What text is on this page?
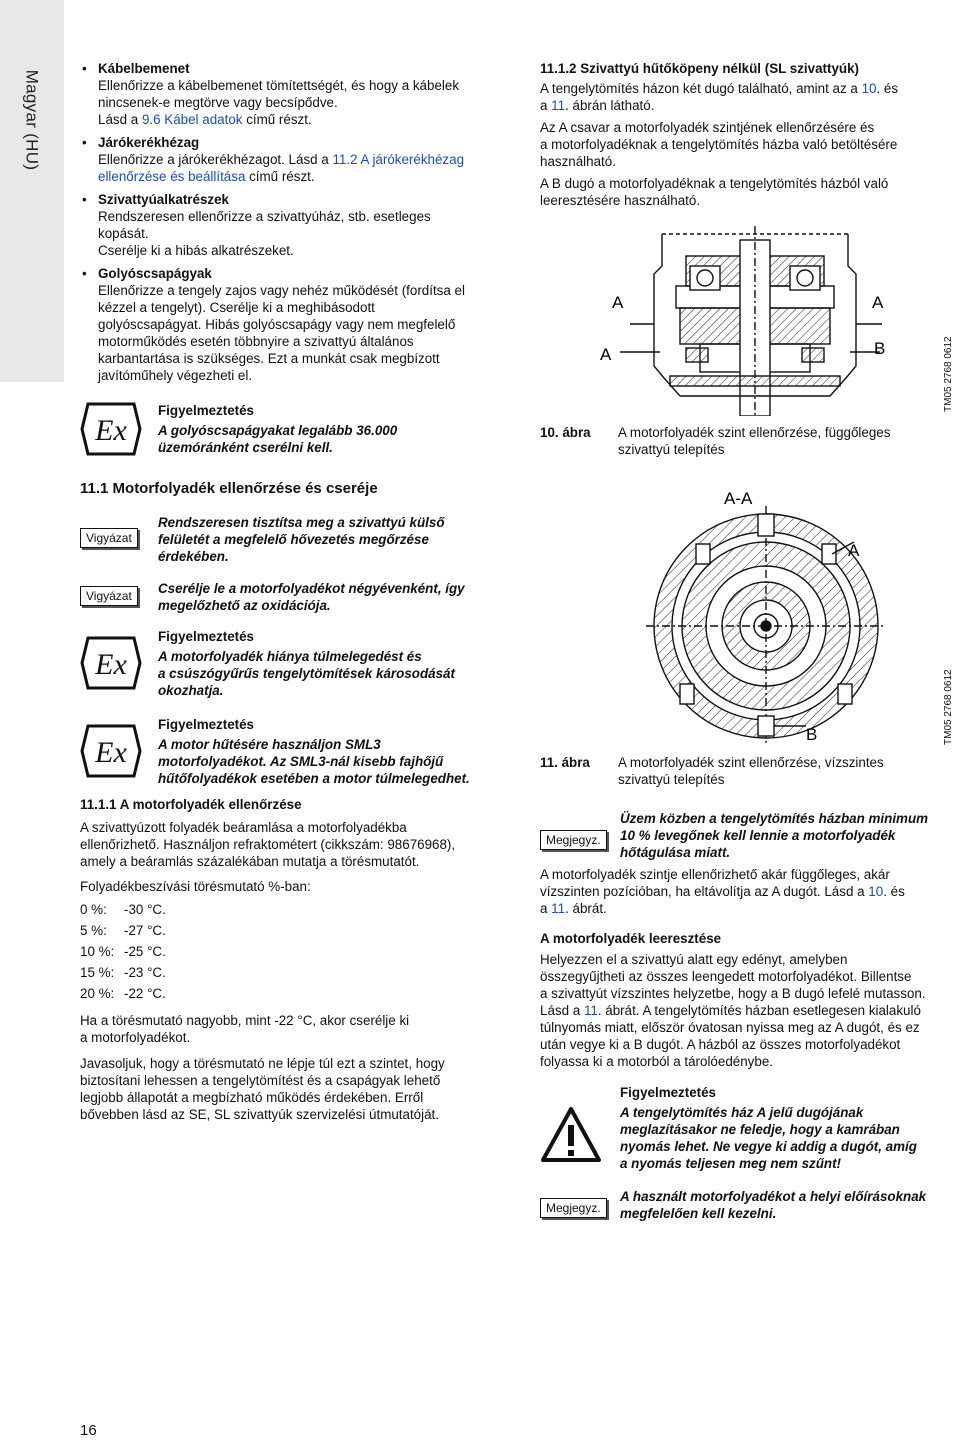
Magyar (HU)
• Kábelbemenet
Ellenőrizze a kábelbemenet tömítettségét, és hogy a kábelek
nincsenek-e megtörve vagy becsípődve.
Lásd a 9.6 Kábel adatok című részt.
• Járókerékhézag
Ellenőrizze a járókerékhézagot. Lásd a 11.2 A járókerékhézag ellenőrzése és beállítása című részt.
• Szivattyúalkatrészek
Rendszeresen ellenőrizze a szivattyúház, stb. esetleges
kopását.
Cserélje ki a hibás alkatrészeket.
• Golyóscsapágyak
Ellenőrizze a tengely zajos vagy nehéz működését (fordítsa el
kézzel a tengelyt). Cserélje ki a meghibásodott
golyóscsapágyat. Hibás golyóscsapágy vagy nem megfelelő
motorműködés esetén többnyire a szivattyú általános
karbantartása is szükséges. Ezt a munkát csak megbízott
javítóműhely végezheti el.
Ex
Figyelmeztetés
A golyóscsapágyakat legalább 36.000
üzemóránként cserélni kell.
11.1 Motorfolyadék ellenőrzése és cseréje
Vigyázat
Rendszeresen tisztítsa meg a szivattyú külső
felületét a megfelelő hővezetés megőrzése
érdekében.
Vigyázat	Cserélje le a motorfolyadékot négyévenként, így
megelőzhető az oxidációja.
Ex
Figyelmeztetés
A motorfolyadék hiánya túlmelegedést és
a csúszógyűrűs tengelytömítések károsodását
okozhatja.
Ex
Figyelmeztetés
A motor hűtésére használjon SML3
motorfolyadékot. Az SML3-nál kisebb fajhőjű
hűtőfolyadékok esetében a motor túlmelegedhet.
11.1.1 A motorfolyadék ellenőrzése
A szivattyúzott folyadék beáramlása a motorfolyadékba
ellenőrizhető. Használjon refraktométert (cikkszám: 98676968),
amely a beáramlás százalékában mutatja a törésmutatót.
Folyadékbeszívási törésmutató %-ban:
0 %:	-30 °C.
5 %:	-27 °C.
10 %: -25 °C.
15 %: -23 °C.
20 %: -22 °C.
Ha a törésmutató nagyobb, mint -22 °C, akor cserélje ki
a motorfolyadékot.
Javasoljuk, hogy a törésmutató ne lépje túl ezt a szintet, hogy
biztosítani lehessen a tengelytömítést és a csapágyak lehető
legjobb állapotát a megbízható működés érdekében. Erről
bővebben lásd az SE, SL szivattyúk szervizelési útmutatóját.
11.1.2 Szivattyú hűtőköpeny nélkül (SL szivattyúk)
A tengelytömítés házon két dugó található, amint az a 10. és
a 11. ábrán látható.
Az A csavar a motorfolyadék szintjének ellenőrzésére és
a motorfolyadéknak a tengelytömítés házba való betöltésére
használható.
A B dugó a motorfolyadéknak a tengelytömítés házból való
leeresztésére használható.
A
A
A
B	TM05 2768 0612
10. ábra	A motorfolyadék szint ellenőrzése, függőleges
szivattyú telepítés
A-A
A
B	TM05 2768 0612
11. ábra	A motorfolyadék szint ellenőrzése, vízszintes
szivattyú telepítés
Megjegyz.
Üzem közben a tengelytömítés házban minimum
10 % levegőnek kell lennie a motorfolyadék
hőtágulása miatt.
A motorfolyadék szintje ellenőrizhető akár függőleges, akár
vízszinten pozícióban, ha eltávolítja az A dugót. Lásd a 10. és
a 11. ábrát.
A motorfolyadék leeresztése
Helyezzen el a szivattyú alatt egy edényt, amelyben
összegyűjtheti az összes leengedett motorfolyadékot. Billentse
a szivattyút vízszintes helyzetbe, hogy a B dugó lefelé mutasson.
Lásd a 11. ábrát. A tengelytömítés házban esetlegesen kialakuló
túlnyomás miatt, először óvatosan nyissa meg az A dugót, és ez
után vegye ki a B dugót. A házból az összes motorfolyadékot
folyassa ki a motorból a tárolóedénybe.
Figyelmeztetés
A tengelytömítés ház A jelű dugójának
meglazításakor ne feledje, hogy a kamrában
nyomás lehet. Ne vegye ki addig a dugót, amíg
a nyomás teljesen meg nem szűnt!
Megjegyz.
A használt motorfolyadékot a helyi előírásoknak
megfelelően kell kezelni.
16
